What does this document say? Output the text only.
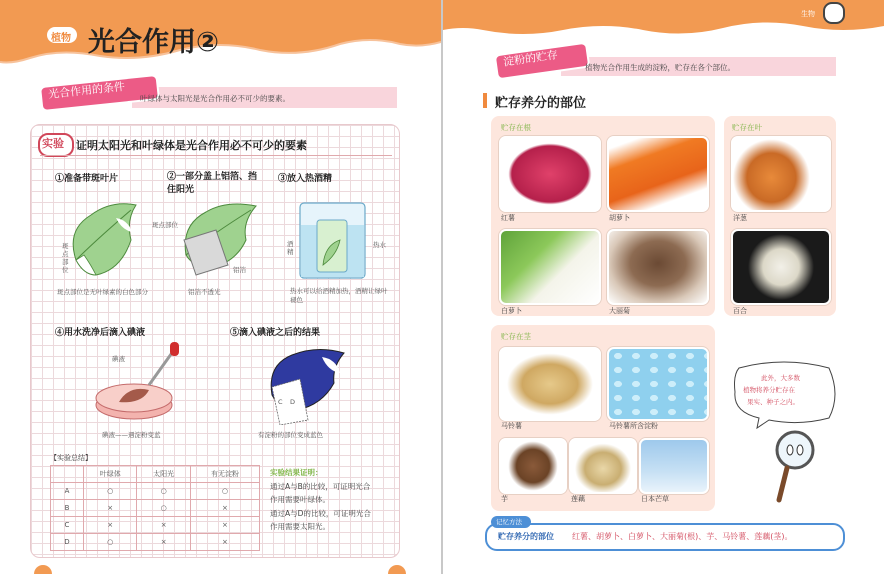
植物 光合作用②
光合作用的条件 叶绿体与太阳光是光合作用必不可少的要素。
实验 证明太阳光和叶绿体是光合作用必不可少的要素
①准备带斑叶片	②一部分盖上铝箔、挡住阳光
③放入热酒精
④用水洗净后滴入碘液	⑤滴入碘液之后的结果
斑点部位
斑点部位
斑点部位是无叶绿素的白色部分
铝箔
铝箔不透光
热水
酒精
热水可以给酒精加热，酒精让绿叶褪色
碘液
碘液——遇淀粉变蓝
C D
有淀粉的部位变成蓝色
【实验总结】
	叶绿体	太阳光	有无淀粉
A	○	○	○
B	×	○	×
C	×	×	×
D	○	×	×
实验结果证明：
通过A与B的比较，可证明光合
作用需要叶绿体。
通过A与D的比较，可证明光合
作用需要太阳光。
生物
淀粉的贮存	植物光合作用生成的淀粉，贮存在各个部位。
贮存养分的部位
贮存在根
红薯	胡萝卜
白萝卜	大丽菊
贮存在叶
洋葱
百合
贮存在茎
马铃薯	马铃薯所含淀粉
芋	莲藕	日本芒草
此外，大多数
植物将养分贮存在
果实、种子之内。
记忆方法
贮存养分的部位 红薯、胡萝卜、白萝卜、大丽菊(根)、芋、马铃薯、莲藕(茎)。
